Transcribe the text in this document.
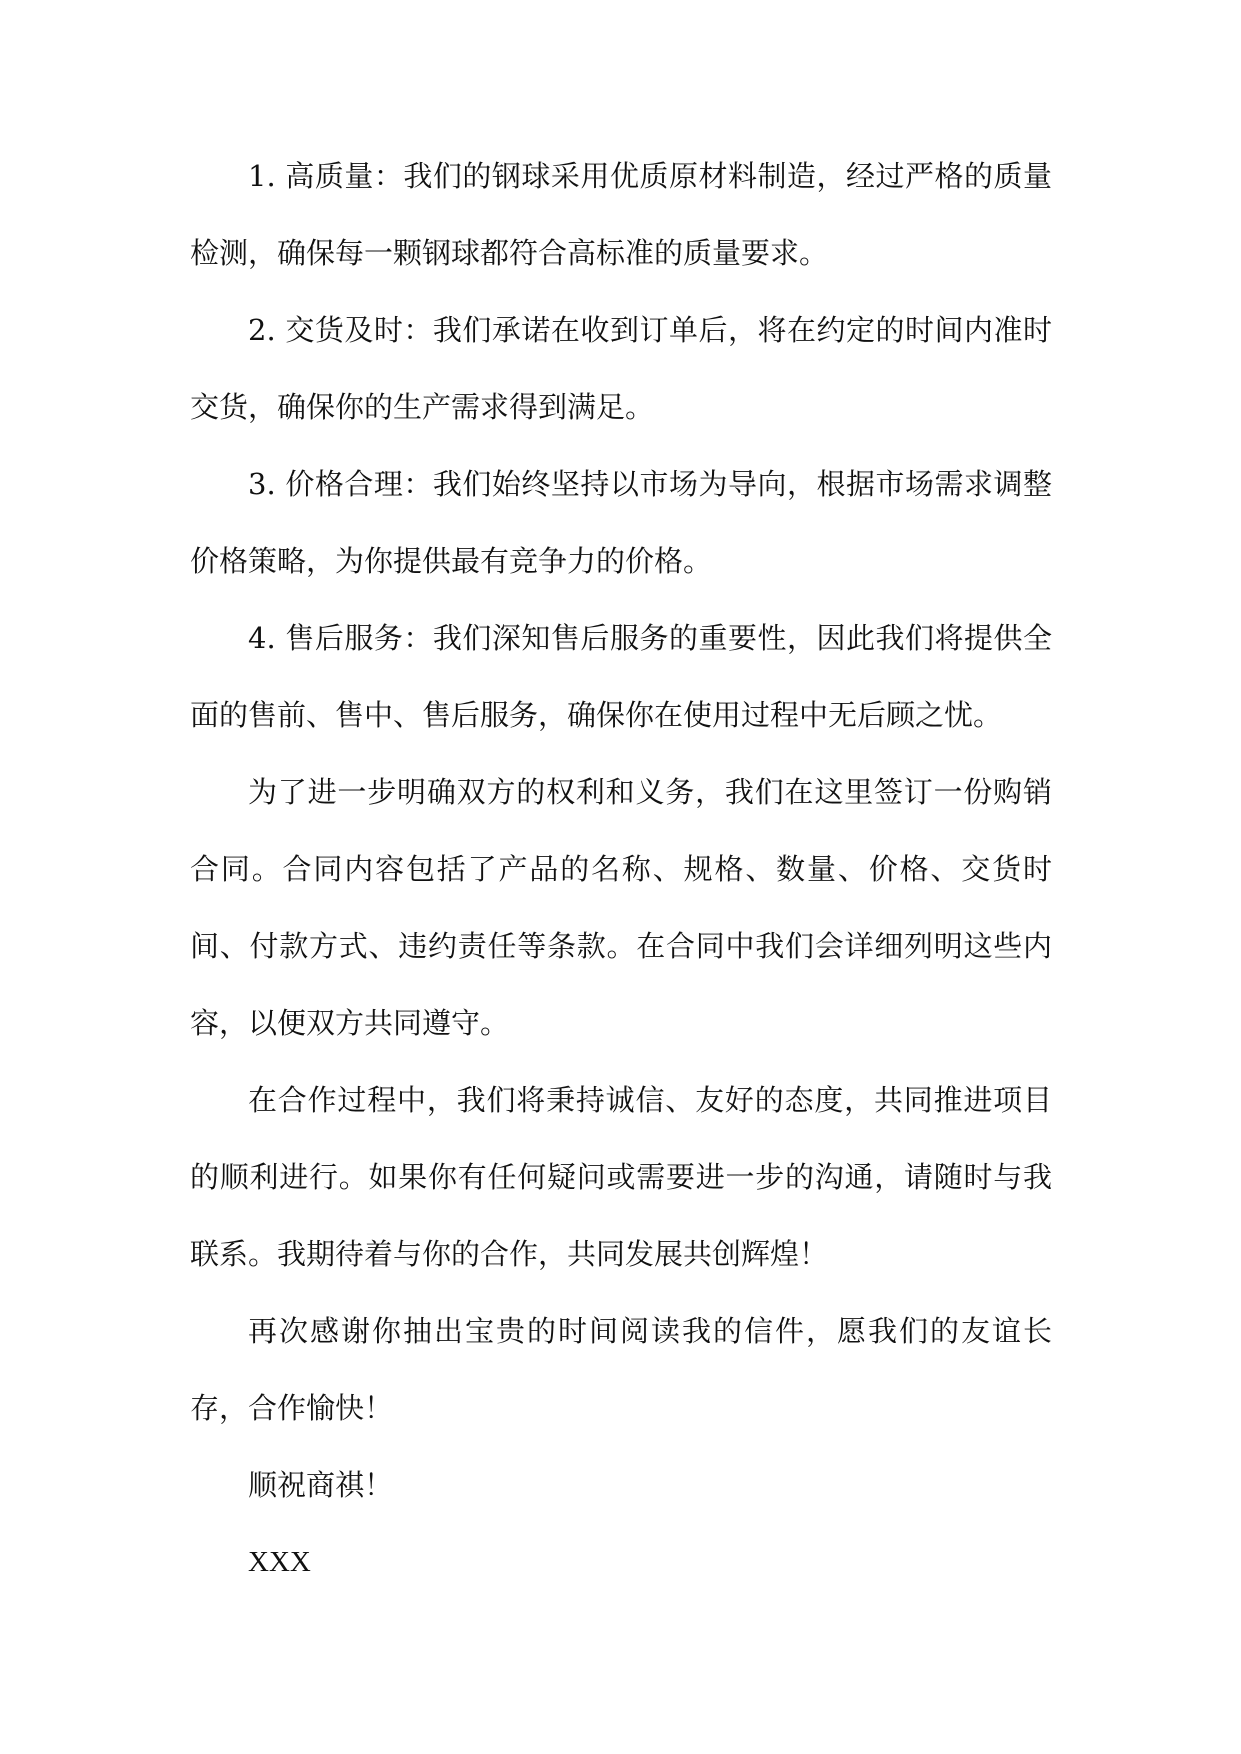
1. 高质量：我们的钢球采用优质原材料制造，经过严格的质量检测，确保每一颗钢球都符合高标准的质量要求。

2. 交货及时：我们承诺在收到订单后，将在约定的时间内准时交货，确保你的生产需求得到满足。

3. 价格合理：我们始终坚持以市场为导向，根据市场需求调整价格策略，为你提供最有竞争力的价格。

4. 售后服务：我们深知售后服务的重要性，因此我们将提供全面的售前、售中、售后服务，确保你在使用过程中无后顾之忧。

为了进一步明确双方的权利和义务，我们在这里签订一份购销合同。合同内容包括了产品的名称、规格、数量、价格、交货时间、付款方式、违约责任等条款。在合同中我们会详细列明这些内容，以便双方共同遵守。

在合作过程中，我们将秉持诚信、友好的态度，共同推进项目的顺利进行。如果你有任何疑问或需要进一步的沟通，请随时与我联系。我期待着与你的合作，共同发展共创辉煌！

再次感谢你抽出宝贵的时间阅读我的信件，愿我们的友谊长存，合作愉快！

顺祝商祺！

XXX
